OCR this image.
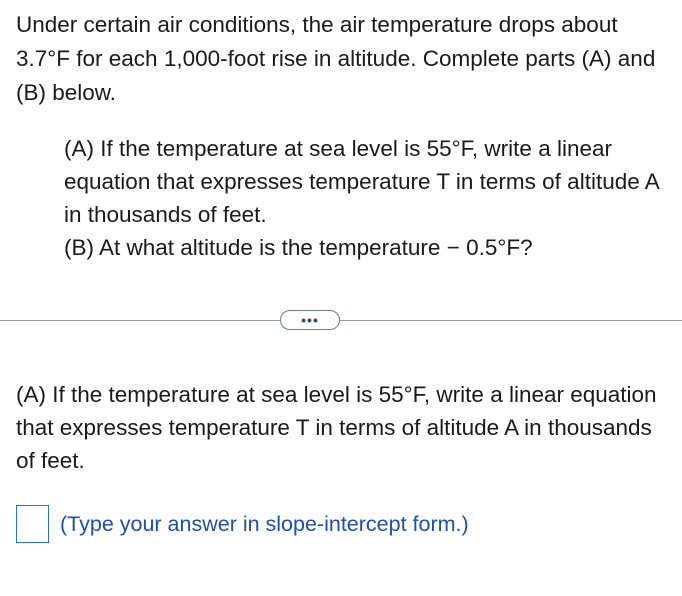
Under certain air conditions, the air temperature drops about 3.7°F for each 1,000-foot rise in altitude. Complete parts (A) and (B) below.

(A) If the temperature at sea level is 55°F, write a linear equation that expresses temperature T in terms of altitude A in thousands of feet.

(B) At what altitude is the temperature − 0.5°F?

•••

(A) If the temperature at sea level is 55°F, write a linear equation that expresses temperature T in terms of altitude A in thousands of feet.

(Type your answer in slope-intercept form.)
